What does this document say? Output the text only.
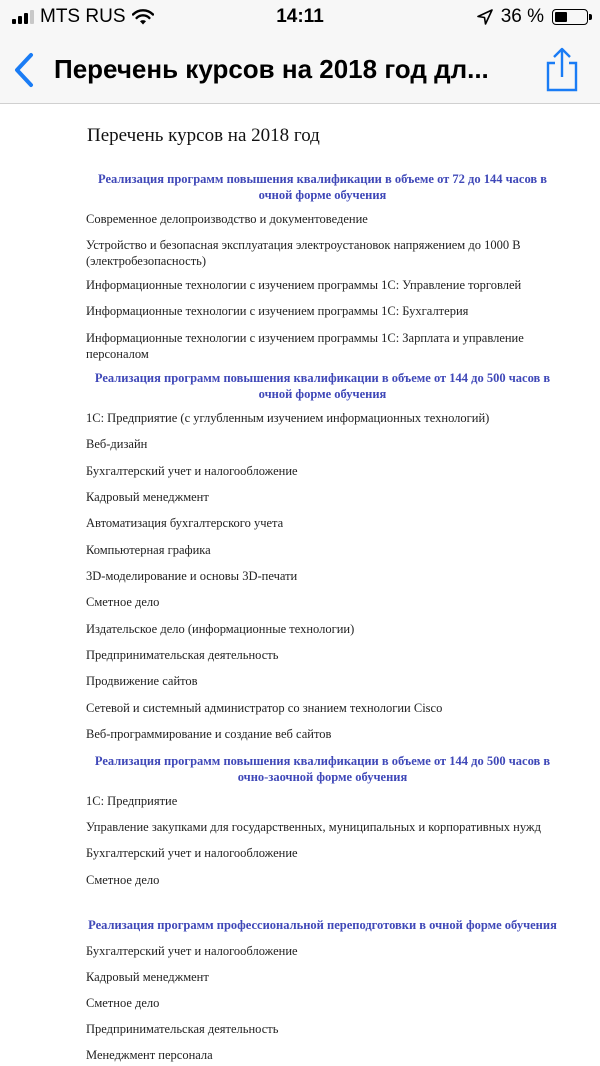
MTS RUS	14:11	36 %
Перечень курсов на 2018 год дл...
Перечень курсов на 2018 год
Реализация программ повышения квалификации в объеме от 72 до 144 часов в очной форме обучения
Современное делопроизводство и документоведение
Устройство и безопасная эксплуатация электроустановок напряжением до 1000 В (электробезопасность)
Информационные технологии с изучением программы 1С: Управление торговлей
Информационные технологии с изучением программы 1С: Бухгалтерия
Информационные технологии с изучением программы 1С: Зарплата и управление персоналом
Реализация программ повышения квалификации в объеме от 144 до 500 часов в очной форме обучения
1С: Предприятие (с углубленным изучением информационных технологий)
Веб-дизайн
Бухгалтерский учет и налогообложение
Кадровый менеджмент
Автоматизация бухгалтерского учета
Компьютерная графика
3D-моделирование и основы 3D-печати
Сметное дело
Издательское дело (информационные технологии)
Предпринимательская деятельность
Продвижение сайтов
Сетевой и системный администратор со знанием технологии Cisco
Веб-программирование и создание веб сайтов
Реализация программ повышения квалификации в объеме от 144 до 500 часов в очно-заочной форме обучения
1С: Предприятие
Управление закупками для государственных, муниципальных и корпоративных нужд
Бухгалтерский учет и налогообложение
Сметное дело
Реализация программ профессиональной переподготовки в очной форме обучения
Бухгалтерский учет и налогообложение
Кадровый менеджмент
Сметное дело
Предпринимательская деятельность
Менеджмент персонала
